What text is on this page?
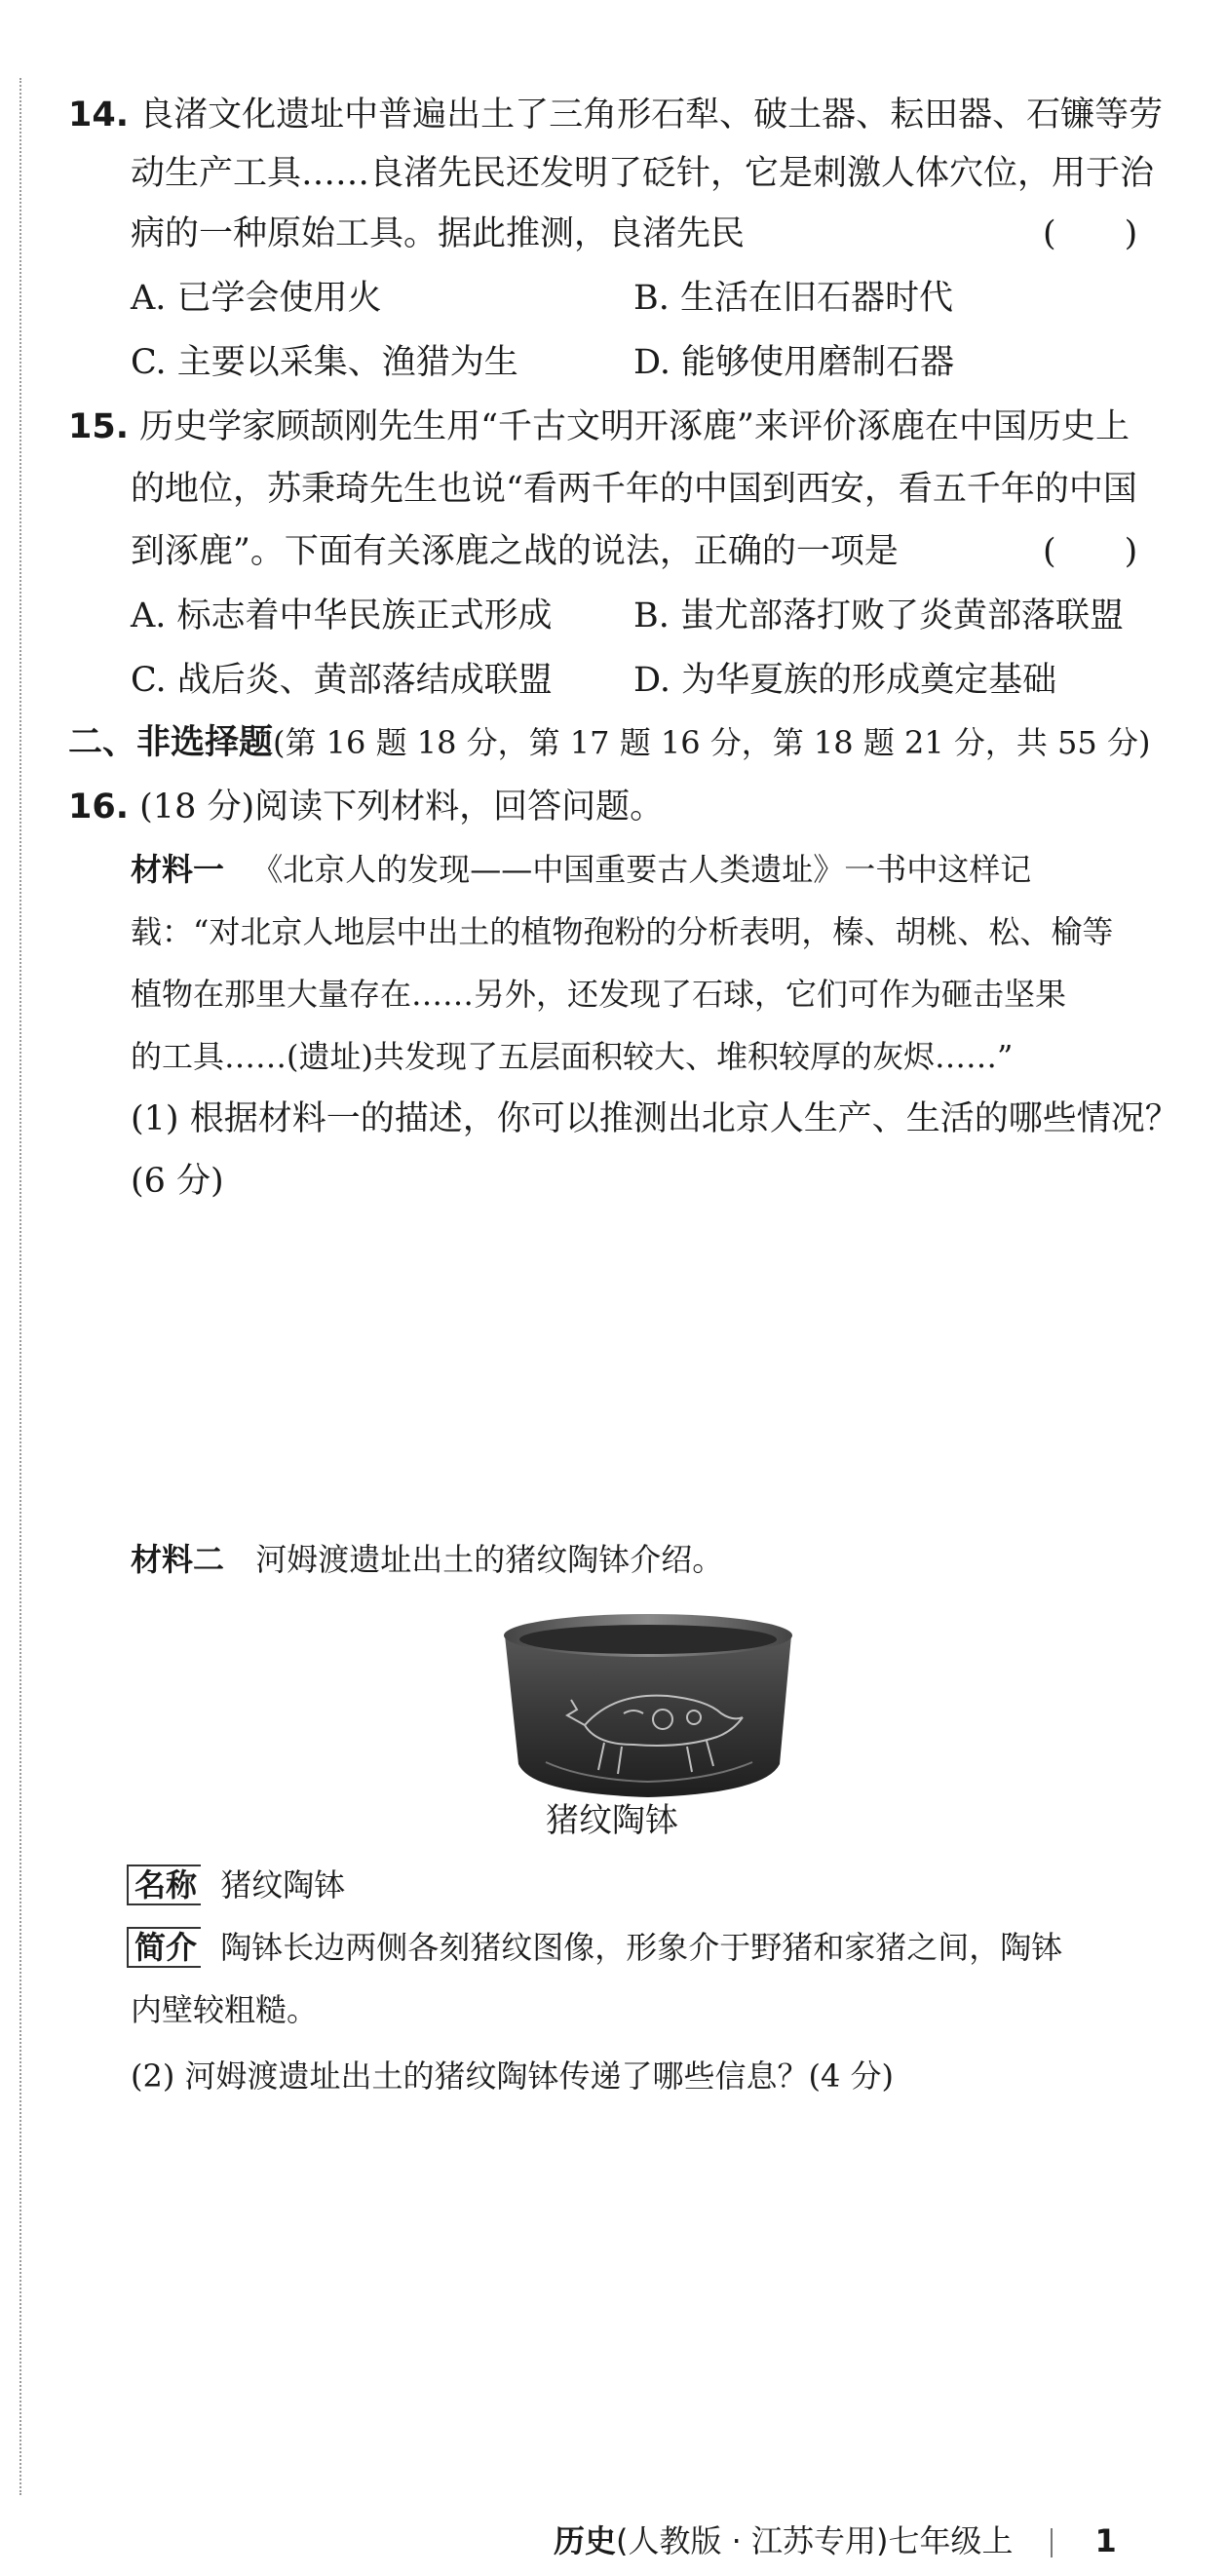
14. 良渚文化遗址中普遍出土了三角形石犁、破土器、耘田器、石镰等劳
动生产工具……良渚先民还发明了砭针，它是刺激人体穴位，用于治
病的一种原始工具。据此推测，良渚先民	(　　)
A. 已学会使用火	B. 生活在旧石器时代
C. 主要以采集、渔猎为生	D. 能够使用磨制石器
15. 历史学家顾颉刚先生用“千古文明开涿鹿”来评价涿鹿在中国历史上
的地位，苏秉琦先生也说“看两千年的中国到西安，看五千年的中国
到涿鹿”。下面有关涿鹿之战的说法，正确的一项是	(　　)
A. 标志着中华民族正式形成 B. 蚩尤部落打败了炎黄部落联盟
C. 战后炎、黄部落结成联盟 D. 为华夏族的形成奠定基础
二、非选择题(第 16 题 18 分，第 17 题 16 分，第 18 题 21 分，共 55 分)
16. (18 分)阅读下列材料，回答问题。
材料一 《北京人的发现——中国重要古人类遗址》一书中这样记
载：“对北京人地层中出土的植物孢粉的分析表明，榛、胡桃、松、榆等
植物在那里大量存在……另外，还发现了石球，它们可作为砸击坚果
的工具……(遗址)共发现了五层面积较大、堆积较厚的灰烬……”
(1) 根据材料一的描述，你可以推测出北京人生产、生活的哪些情况？
(6 分)
材料二 河姆渡遗址出土的猪纹陶钵介绍。
猪纹陶钵
名称 猪纹陶钵
简介 陶钵长边两侧各刻猪纹图像，形象介于野猪和家猪之间，陶钵
内壁较粗糙。
(2) 河姆渡遗址出土的猪纹陶钵传递了哪些信息？(4 分)
历史(人教版 · 江苏专用)七年级上	1
